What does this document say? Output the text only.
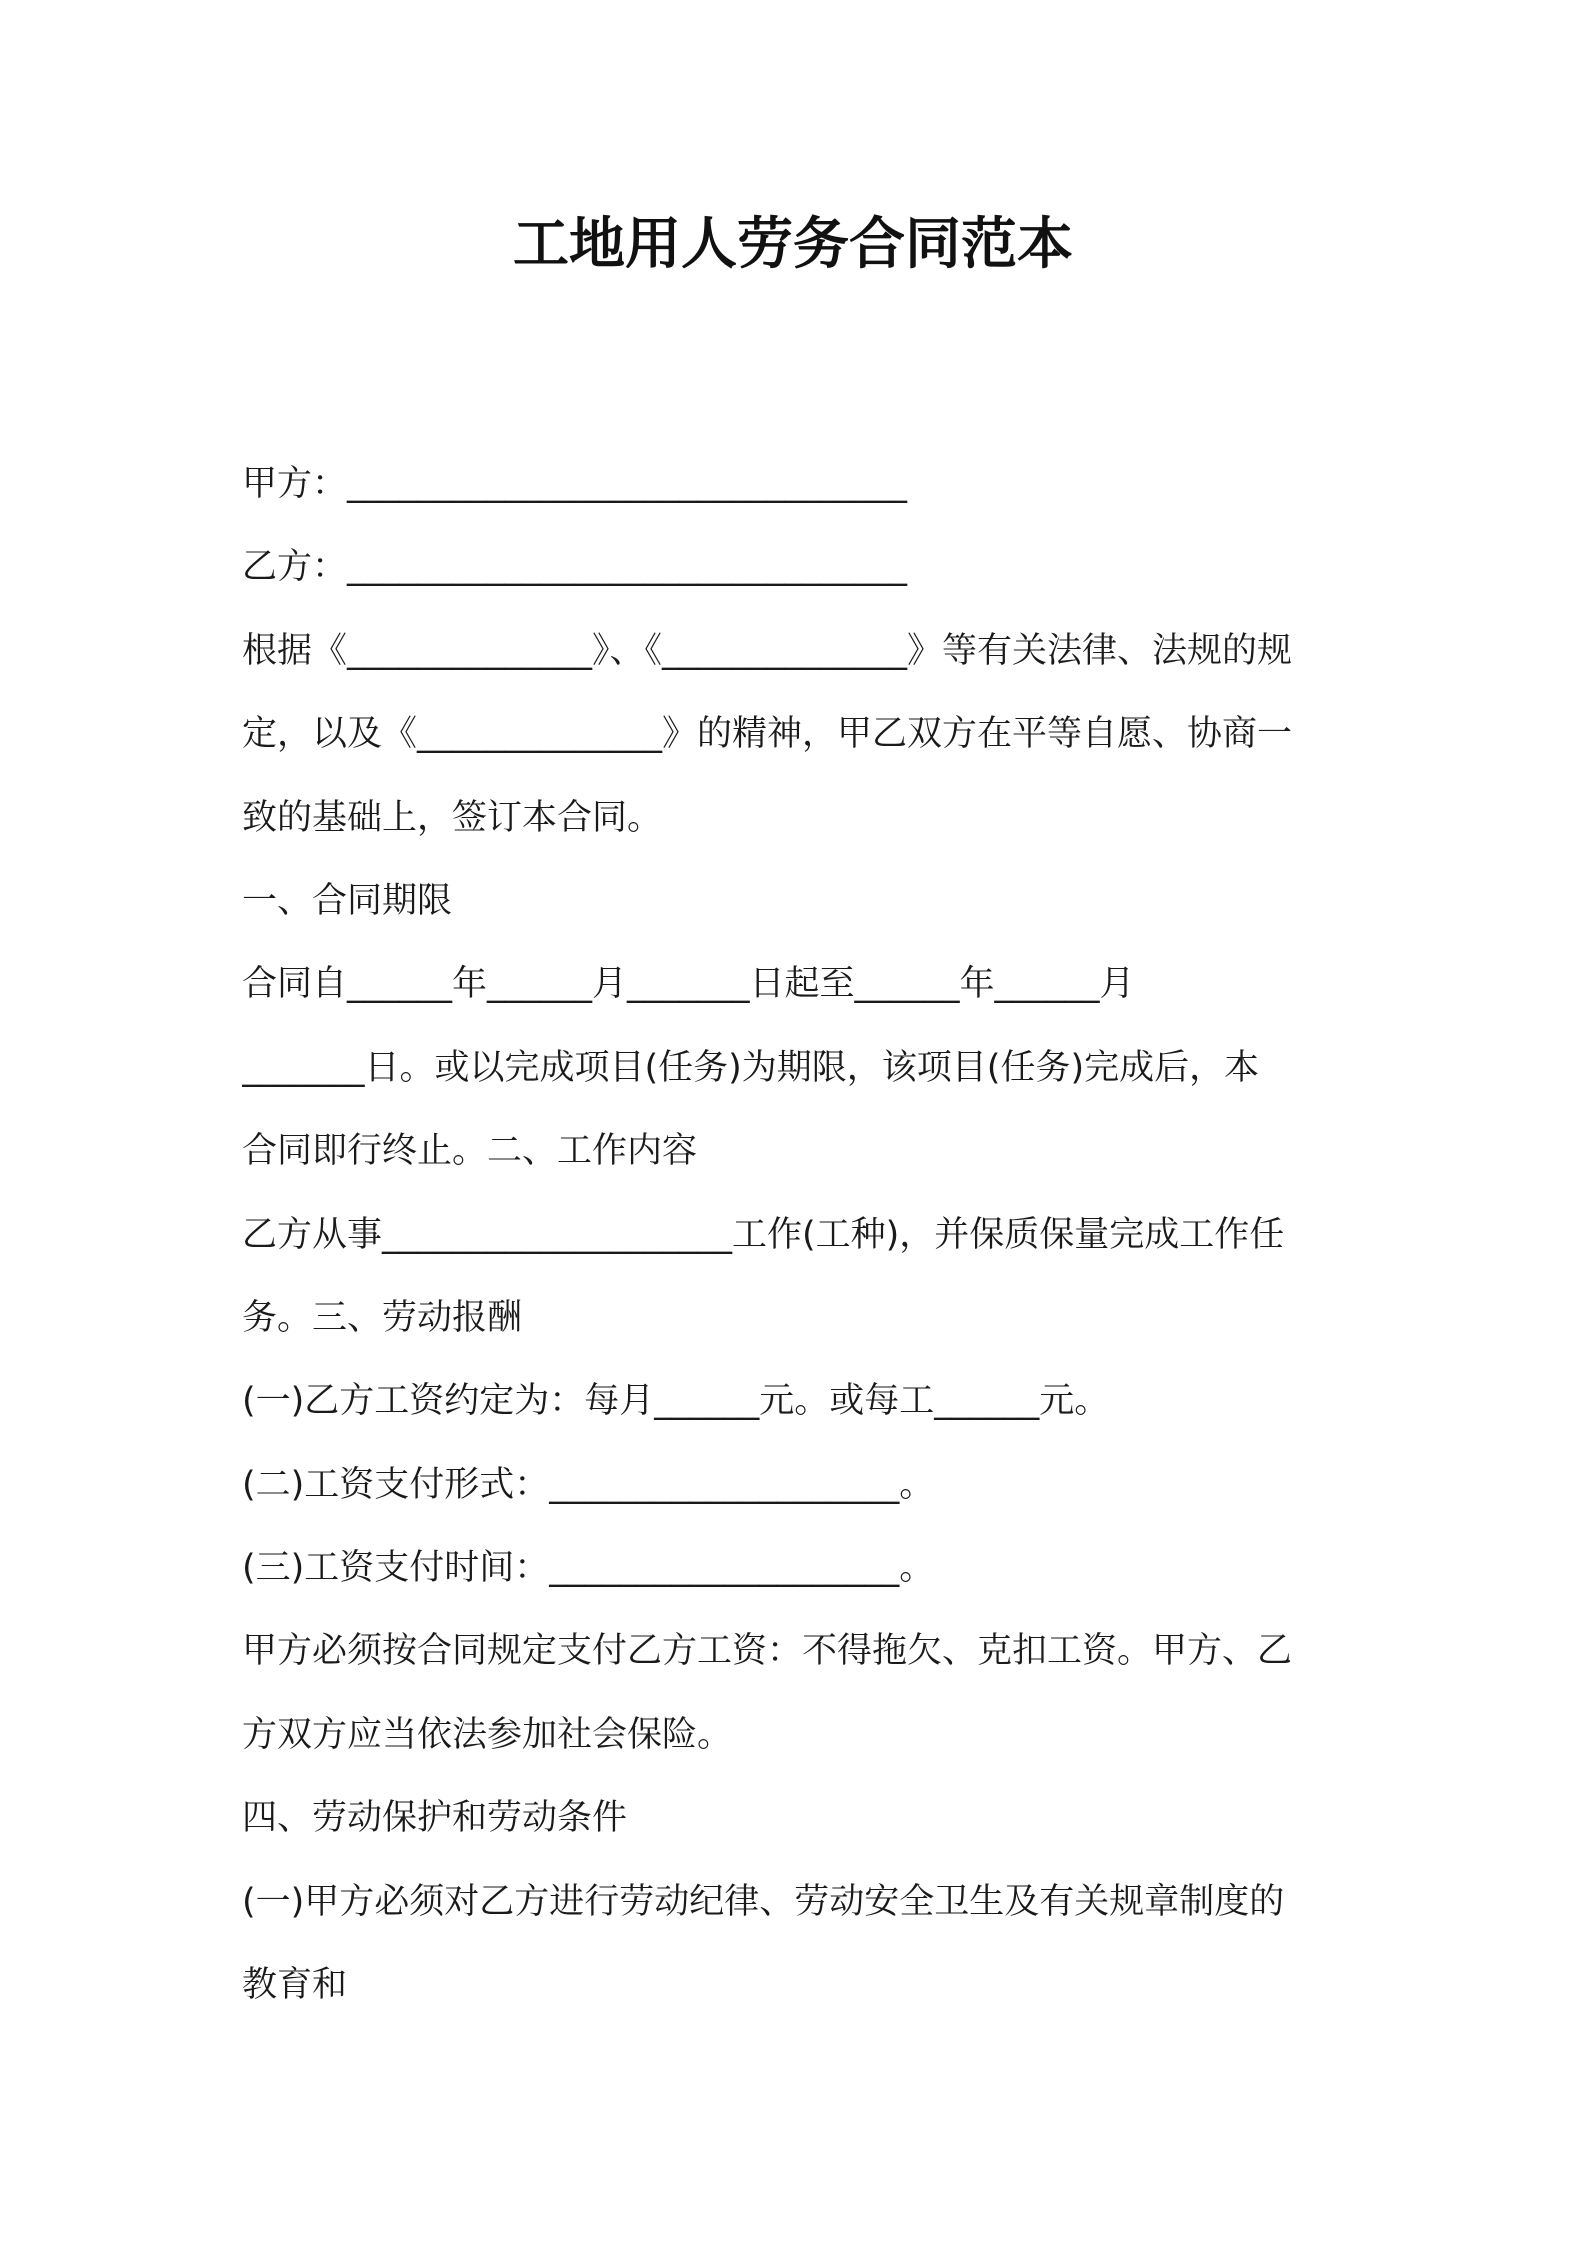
工地用人劳务合同范本
甲方：________________________________
乙方：________________________________
根据《______________》、《______________》等有关法律、法规的规
定，以及《______________》的精神，甲乙双方在平等自愿、协商一
致的基础上，签订本合同。
一、合同期限
合同自______年______月_______日起至______年______月
_______日。或以完成项目(任务)为期限，该项目(任务)完成后，本
合同即行终止。二、工作内容
乙方从事____________________工作(工种)，并保质保量完成工作任
务。三、劳动报酬
(一)乙方工资约定为：每月______元。或每工______元。
(二)工资支付形式：____________________。
(三)工资支付时间：____________________。
甲方必须按合同规定支付乙方工资：不得拖欠、克扣工资。甲方、乙
方双方应当依法参加社会保险。
四、劳动保护和劳动条件
(一)甲方必须对乙方进行劳动纪律、劳动安全卫生及有关规章制度的
教育和
